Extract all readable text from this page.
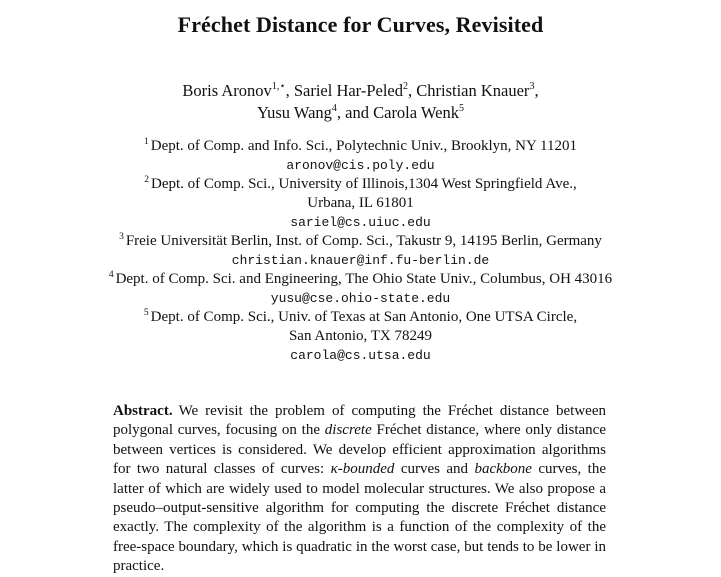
Fréchet Distance for Curves, Revisited
Boris Aronov$^{1,⋆}$, Sariel Har-Peled$^2$, Christian Knauer$^3$,
Yusu Wang$^4$, and Carola Wenk$^5$
$^1$ Dept. of Comp. and Info. Sci., Polytechnic Univ., Brooklyn, NY 11201
aronov@cis.poly.edu
$^2$ Dept. of Comp. Sci., University of Illinois,1304 West Springfield Ave.,
Urbana, IL 61801
sariel@cs.uiuc.edu
$^3$ Freie Universität Berlin, Inst. of Comp. Sci., Takustr 9, 14195 Berlin, Germany
christian.knauer@inf.fu-berlin.de
$^4$ Dept. of Comp. Sci. and Engineering, The Ohio State Univ., Columbus, OH 43016
yusu@cse.ohio-state.edu
$^5$ Dept. of Comp. Sci., Univ. of Texas at San Antonio, One UTSA Circle,
San Antonio, TX 78249
carola@cs.utsa.edu
Abstract. We revisit the problem of computing the Fréchet distance between polygonal curves, focusing on the discrete Fréchet distance, where only distance between vertices is considered. We develop efficient approximation algorithms for two natural classes of curves: κ-bounded curves and backbone curves, the latter of which are widely used to model molecular structures. We also propose a pseudo–output-sensitive algorithm for computing the discrete Fréchet distance exactly. The complexity of the algorithm is a function of the complexity of the free-space boundary, which is quadratic in the worst case, but tends to be lower in practice.
